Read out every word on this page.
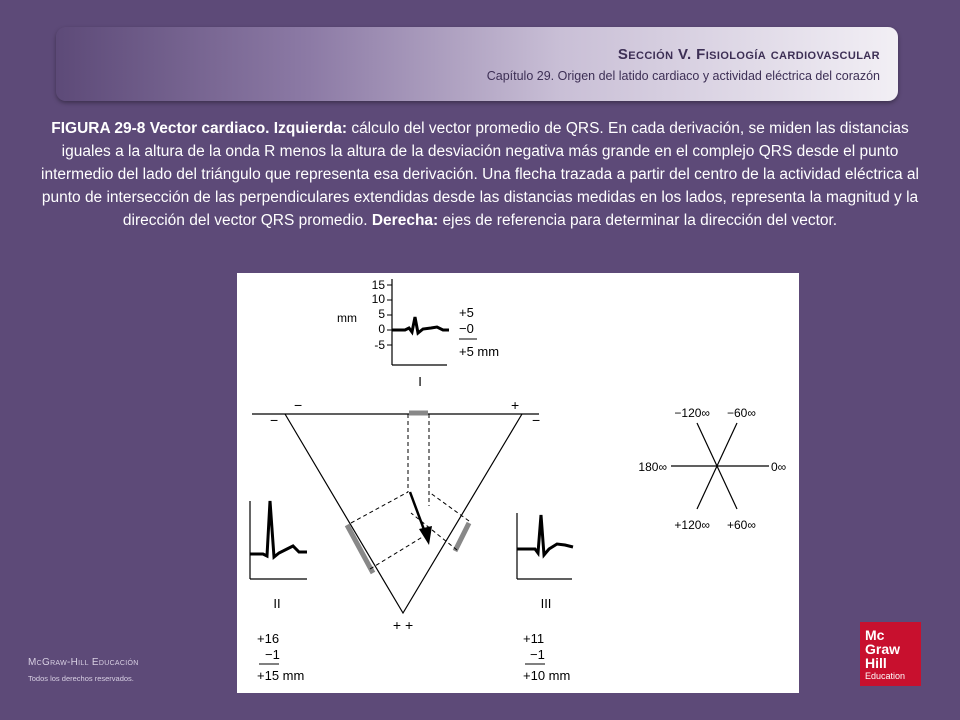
Sección V. Fisiología cardiovascular

Capítulo 29. Origen del latido cardiaco y actividad eléctrica del corazón

FIGURA 29-8 Vector cardiaco. Izquierda: cálculo del vector promedio de QRS. En cada derivación, se miden las distancias iguales a la altura de la onda R menos la altura de la desviación negativa más grande en el complejo QRS desde el punto intermedio del lado del triángulo que representa esa derivación. Una flecha trazada a partir del centro de la actividad eléctrica al punto de intersección de las perpendiculares extendidas desde las distancias medidas en los lados, representa la magnitud y la dirección del vector QRS promedio. Derecha: ejes de referencia para determinar la dirección del vector.

mm
15
10
5
0
-5
+5
−0
+5 mm
I
−	+
−	−
+ +
II
+16
−1
+15 mm
III
+11
−1
+10 mm
−120∞ −60∞
180∞	0∞
+120∞ +60∞

McGraw-Hill Educación

Todos los derechos reservados.

Mc
Graw
Hill
Education
